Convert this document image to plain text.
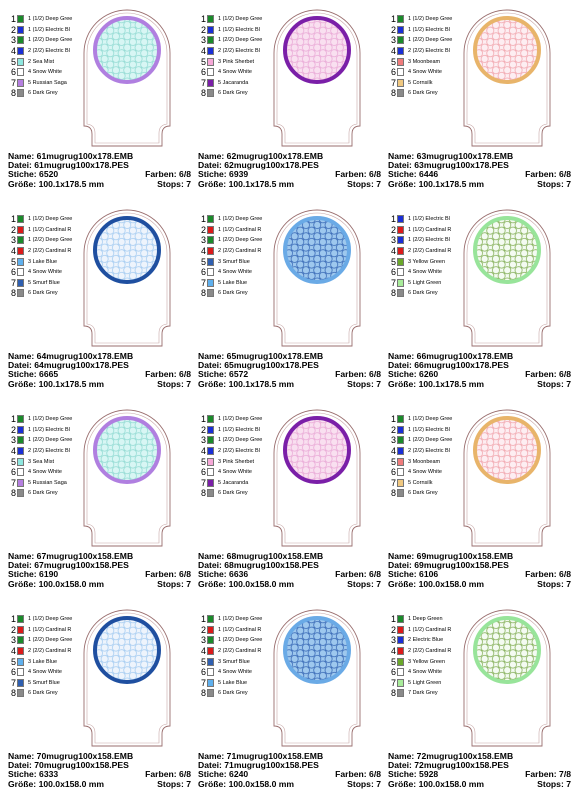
1 1 (1/2) Deep Gree
2 1 (1/2) Electric Bl
3 1 (2/2) Deep Gree
4 2 (2/2) Electric Bl
5 2 Sea Mist
6 4 Snow White
7 5 Russian Saga
8 6 Dark Grey
Name: 61mugrug100x178.EMB
Datei: 61mugrug100x178.PES
Stiche: 6520	Farben: 6/8
Größe: 100.1x178.5 mm	Stops: 7
1 1 (1/2) Deep Gree
2 1 (1/2) Electric Bl
3 1 (2/2) Deep Gree
4 2 (2/2) Electric Bl
5 3 Pink Sherbet
6 4 Snow White
7 5 Jacaranda
8 6 Dark Grey
Name: 62mugrug100x178.EMB
Datei: 62mugrug100x178.PES
Stiche: 6939	Farben: 6/8
Größe: 100.1x178.5 mm	Stops: 7
1 1 (1/2) Deep Gree
2 1 (1/2) Electric Bl
3 1 (2/2) Deep Gree
4 2 (2/2) Electric Bl
5 3 Moonbeam
6 4 Snow White
7 5 Cornsilk
8 6 Dark Grey
Name: 63mugrug100x178.EMB
Datei: 63mugrug100x178.PES
Stiche: 6446	Farben: 6/8
Größe: 100.1x178.5 mm	Stops: 7
1 1 (1/2) Deep Gree
2 1 (1/2) Cardinal R
3 1 (2/2) Deep Gree
4 2 (2/2) Cardinal R
5 3 Lake Blue
6 4 Snow White
7 5 Smurf Blue
8 6 Dark Grey
Name: 64mugrug100x178.EMB
Datei: 64mugrug100x178.PES
Stiche: 6665	Farben: 6/8
Größe: 100.1x178.5 mm	Stops: 7
1 1 (1/2) Deep Gree
2 1 (1/2) Cardinal R
3 1 (2/2) Deep Gree
4 2 (2/2) Cardinal R
5 3 Smurf Blue
6 4 Snow White
7 5 Lake Blue
8 6 Dark Grey
Name: 65mugrug100x178.EMB
Datei: 65mugrug100x178.PES
Stiche: 6572	Farben: 6/8
Größe: 100.1x178.5 mm	Stops: 7
1 1 (1/2) Electric Bl
2 1 (1/2) Cardinal R
3 1 (2/2) Electric Bl
4 2 (2/2) Cardinal R
5 3 Yellow Green
6 4 Snow White
7 5 Light Green
8 6 Dark Grey
Name: 66mugrug100x178.EMB
Datei: 66mugrug100x178.PES
Stiche: 6260	Farben: 6/8
Größe: 100.1x178.5 mm	Stops: 7
1 1 (1/2) Deep Gree
2 1 (1/2) Electric Bl
3 1 (2/2) Deep Gree
4 2 (2/2) Electric Bl
5 3 Sea Mist
6 4 Snow White
7 5 Russian Saga
8 6 Dark Grey
Name: 67mugrug100x158.EMB
Datei: 67mugrug100x158.PES
Stiche: 6190	Farben: 6/8
Größe: 100.0x158.0 mm	Stops: 7
1 1 (1/2) Deep Gree
2 1 (1/2) Electric Bl
3 1 (2/2) Deep Gree
4 2 (2/2) Electric Bl
5 3 Pink Sherbet
6 4 Snow White
7 5 Jacaranda
8 6 Dark Grey
Name: 68mugrug100x158.EMB
Datei: 68mugrug100x158.PES
Stiche: 6636	Farben: 6/8
Größe: 100.0x158.0 mm	Stops: 7
1 1 (1/2) Deep Gree
2 1 (1/2) Electric Bl
3 1 (2/2) Deep Gree
4 2 (2/2) Electric Bl
5 3 Moonbeam
6 4 Snow White
7 5 Cornsilk
8 6 Dark Grey
Name: 69mugrug100x158.EMB
Datei: 69mugrug100x158.PES
Stiche: 6106	Farben: 6/8
Größe: 100.0x158.0 mm	Stops: 7
1 1 (1/2) Deep Gree
2 1 (1/2) Cardinal R
3 1 (2/2) Deep Gree
4 2 (2/2) Cardinal R
5 3 Lake Blue
6 4 Snow White
7 5 Smurf Blue
8 6 Dark Grey
Name: 70mugrug100x158.EMB
Datei: 70mugrug100x158.PES
Stiche: 6333	Farben: 6/8
Größe: 100.0x158.0 mm	Stops: 7
1 1 (1/2) Deep Gree
2 1 (1/2) Cardinal R
3 1 (2/2) Deep Gree
4 2 (2/2) Cardinal R
5 3 Smurf Blue
6 4 Snow White
7 5 Lake Blue
8 6 Dark Grey
Name: 71mugrug100x158.EMB
Datei: 71mugrug100x158.PES
Stiche: 6240	Farben: 6/8
Größe: 100.0x158.0 mm	Stops: 7
1 1 Deep Green
2 1 (1/2) Cardinal R
3 2 Electric Blue
4 2 (2/2) Cardinal R
5 3 Yellow Green
6 4 Snow White
7 5 Light Green
8 7 Dark Grey
Name: 72mugrug100x158.EMB
Datei: 72mugrug100x158.PES
Stiche: 5928	Farben: 7/8
Größe: 100.0x158.0 mm	Stops: 7
